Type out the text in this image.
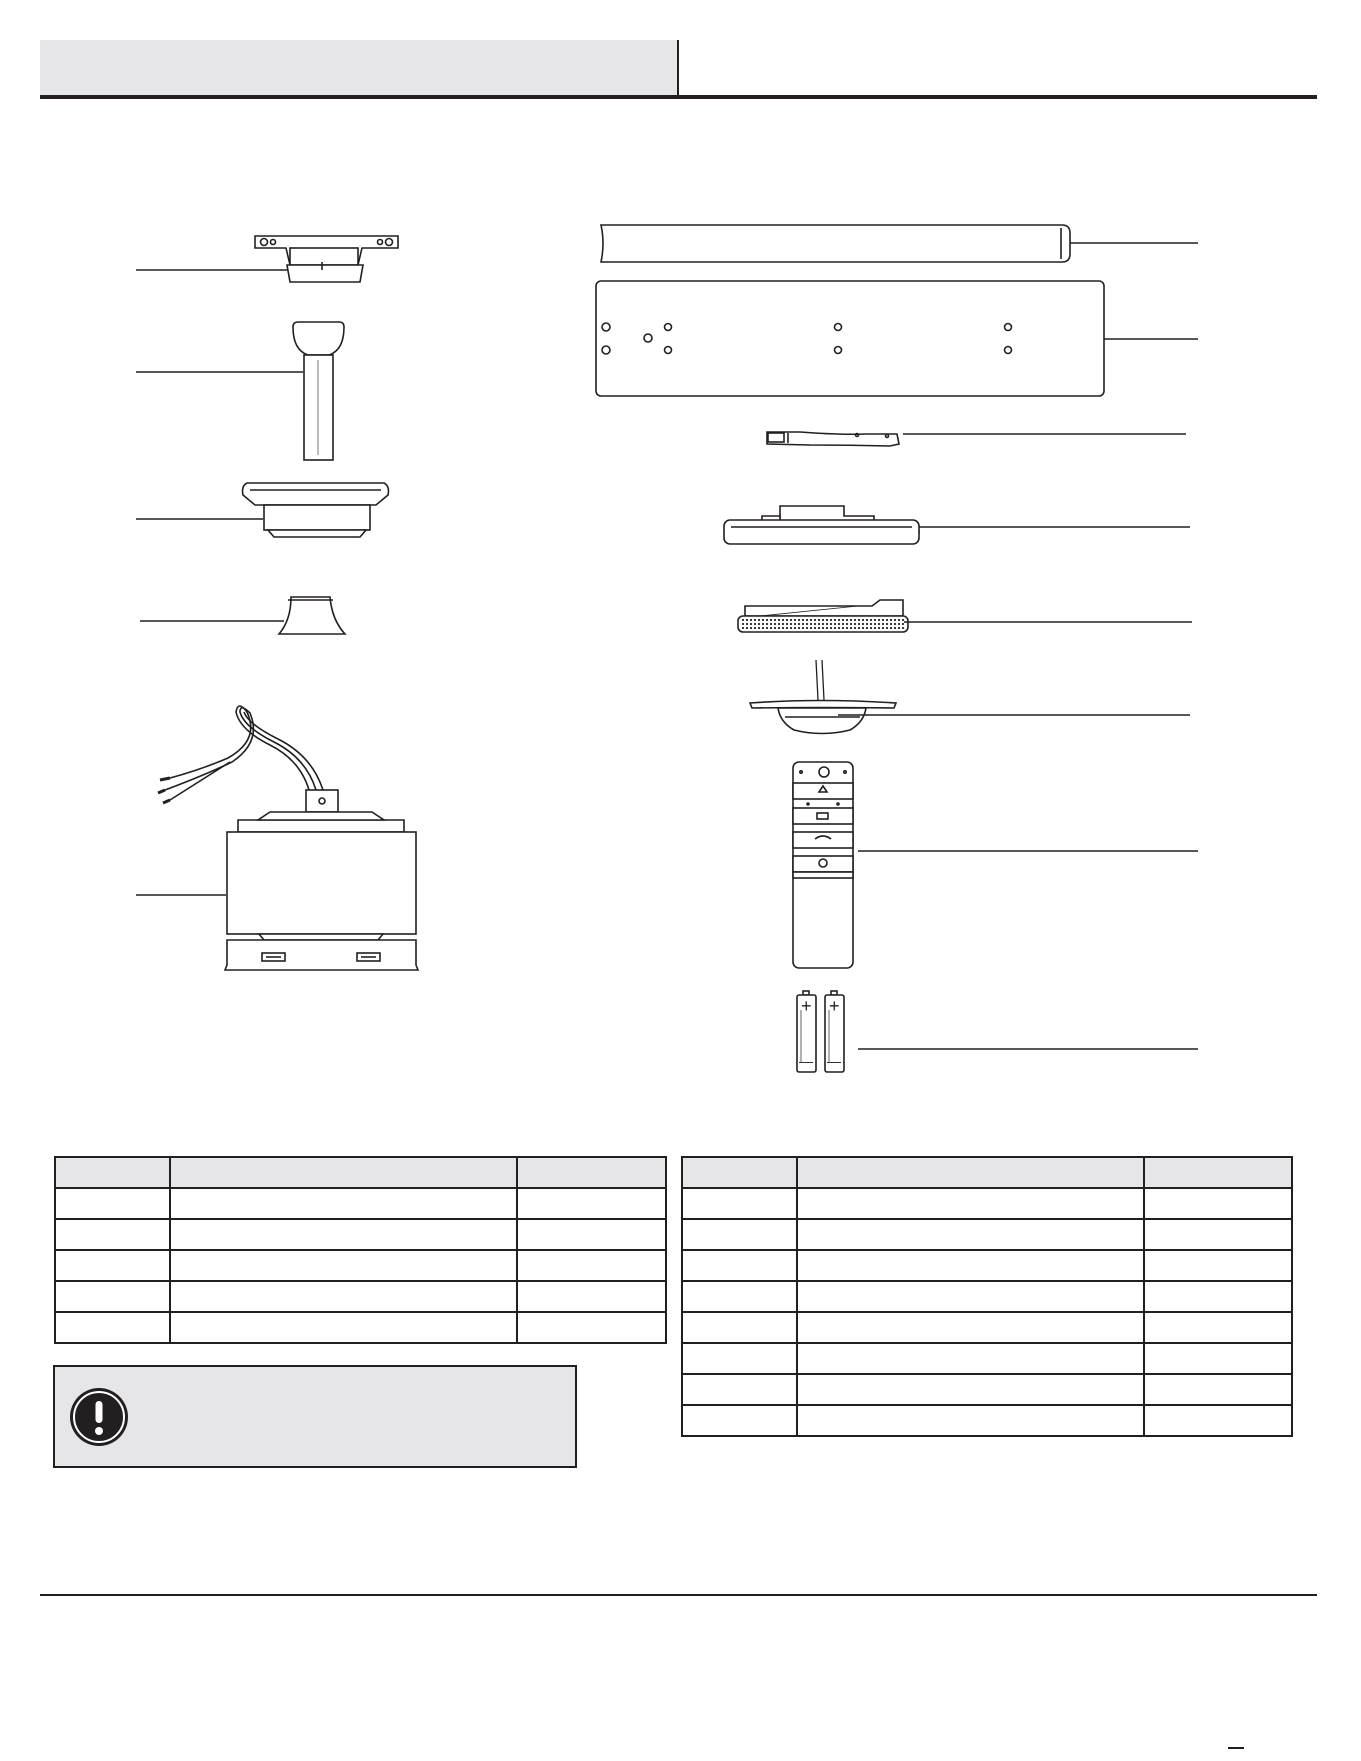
+ +
— —
